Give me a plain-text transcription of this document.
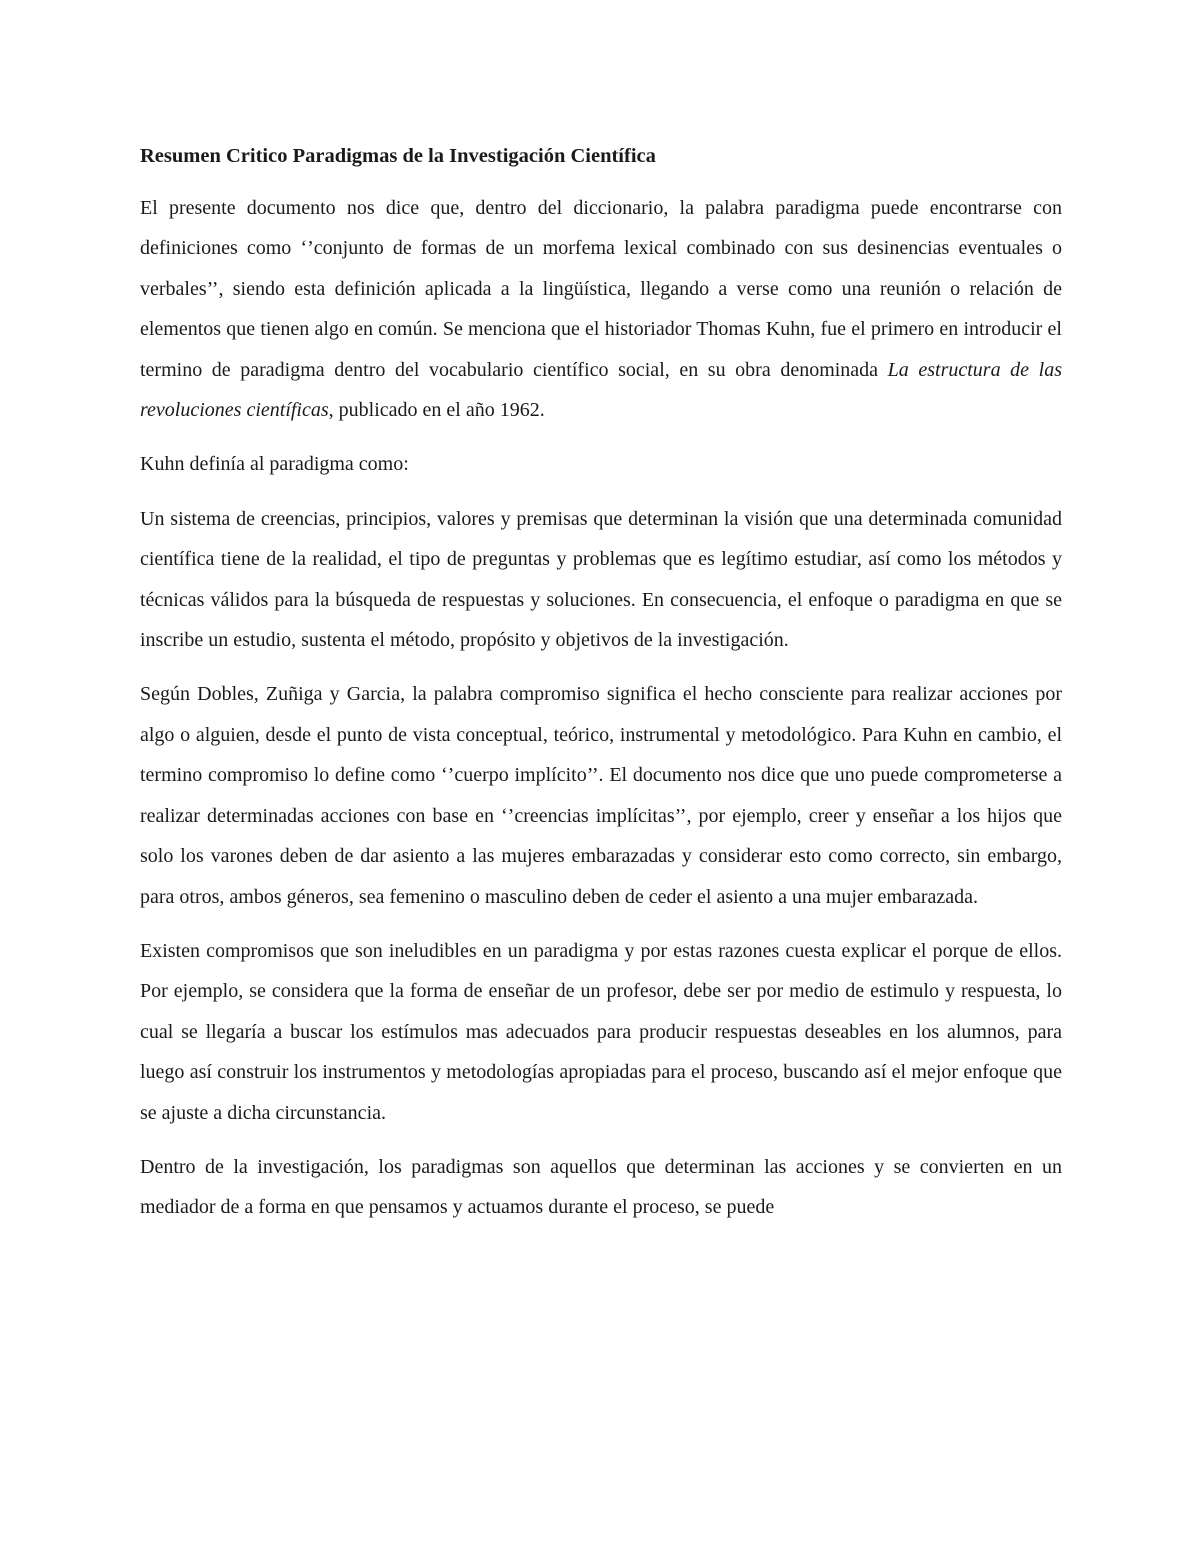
Resumen Critico Paradigmas de la Investigación Científica

El presente documento nos dice que, dentro del diccionario, la palabra paradigma puede encontrarse con definiciones como ‘’conjunto de formas de un morfema lexical combinado con sus desinencias eventuales o verbales’’, siendo esta definición aplicada a la lingüística, llegando a verse como una reunión o relación de elementos que tienen algo en común. Se menciona que el historiador Thomas Kuhn, fue el primero en introducir el termino de paradigma dentro del vocabulario científico social, en su obra denominada La estructura de las revoluciones científicas, publicado en el año 1962.

Kuhn definía al paradigma como:

Un sistema de creencias, principios, valores y premisas que determinan la visión que una determinada comunidad científica tiene de la realidad, el tipo de preguntas y problemas que es legítimo estudiar, así como los métodos y técnicas válidos para la búsqueda de respuestas y soluciones. En consecuencia, el enfoque o paradigma en que se inscribe un estudio, sustenta el método, propósito y objetivos de la investigación.

Según Dobles, Zuñiga y Garcia, la palabra compromiso significa el hecho consciente para realizar acciones por algo o alguien, desde el punto de vista conceptual, teórico, instrumental y metodológico. Para Kuhn en cambio, el termino compromiso lo define como ‘’cuerpo implícito’’. El documento nos dice que uno puede comprometerse a realizar determinadas acciones con base en ‘’creencias implícitas’’, por ejemplo, creer y enseñar a los hijos que solo los varones deben de dar asiento a las mujeres embarazadas y considerar esto como correcto, sin embargo, para otros, ambos géneros, sea femenino o masculino deben de ceder el asiento a una mujer embarazada.

Existen compromisos que son ineludibles en un paradigma y por estas razones cuesta explicar el porque de ellos. Por ejemplo, se considera que la forma de enseñar de un profesor, debe ser por medio de estimulo y respuesta, lo cual se llegaría a buscar los estímulos mas adecuados para producir respuestas deseables en los alumnos, para luego así construir los instrumentos y metodologías apropiadas para el proceso, buscando así el mejor enfoque que se ajuste a dicha circunstancia.

Dentro de la investigación, los paradigmas son aquellos que determinan las acciones y se convierten en un mediador de a forma en que pensamos y actuamos durante el proceso, se puede
